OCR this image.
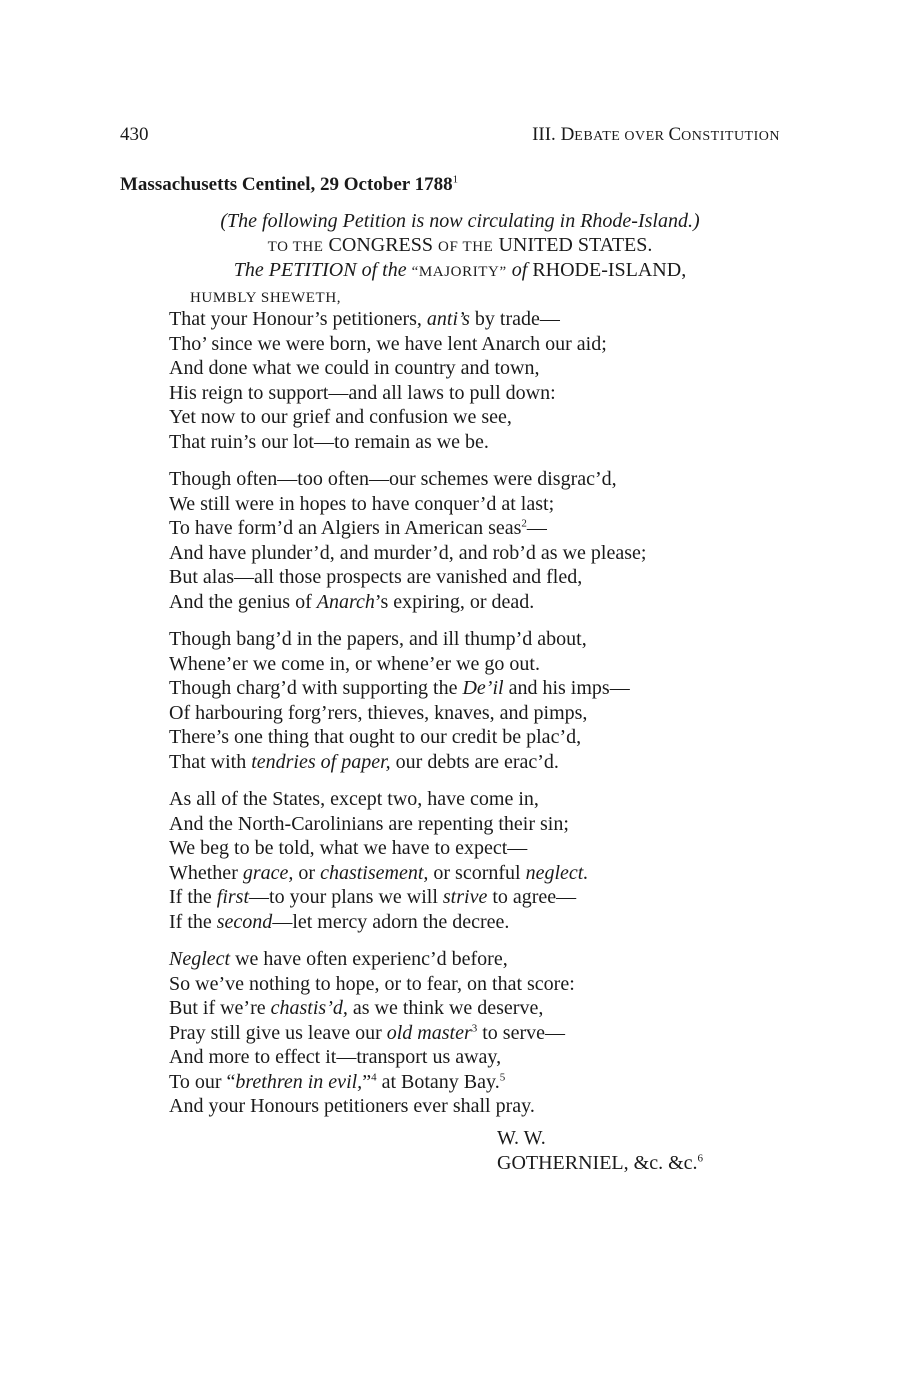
430	III. DEBATE OVER CONSTITUTION
Massachusetts Centinel, 29 October 1788$^1$
(The following Petition is now circulating in Rhode-Island.)
TO THE CONGRESS OF THE UNITED STATES.
The PETITION of the “MAJORITY” of RHODE-ISLAND,
HUMBLY SHEWETH,
That your Honour’s petitioners, anti’s by trade—
Tho’ since we were born, we have lent Anarch our aid;
And done what we could in country and town,
His reign to support—and all laws to pull down:
Yet now to our grief and confusion we see,
That ruin’s our lot—to remain as we be.
Though often—too often—our schemes were disgrac’d,
We still were in hopes to have conquer’d at last;
To have form’d an Algiers in American seas$^2$—
And have plunder’d, and murder’d, and rob’d as we please;
But alas—all those prospects are vanished and fled,
And the genius of Anarch’s expiring, or dead.
Though bang’d in the papers, and ill thump’d about,
Whene’er we come in, or whene’er we go out.
Though charg’d with supporting the De’il and his imps—
Of harbouring forg’rers, thieves, knaves, and pimps,
There’s one thing that ought to our credit be plac’d,
That with tendries of paper, our debts are erac’d.
As all of the States, except two, have come in,
And the North-Carolinians are repenting their sin;
We beg to be told, what we have to expect—
Whether grace, or chastisement, or scornful neglect.
If the first—to your plans we will strive to agree—
If the second—let mercy adorn the decree.
Neglect we have often experienc’d before,
So we’ve nothing to hope, or to fear, on that score:
But if we’re chastis’d, as we think we deserve,
Pray still give us leave our old master$^3$ to serve—
And more to effect it—transport us away,
To our “brethren in evil,”$^4$ at Botany Bay.$^5$
And your Honours petitioners ever shall pray.
W. W.
GOTHERNIEL, &c. &c.$^6$
